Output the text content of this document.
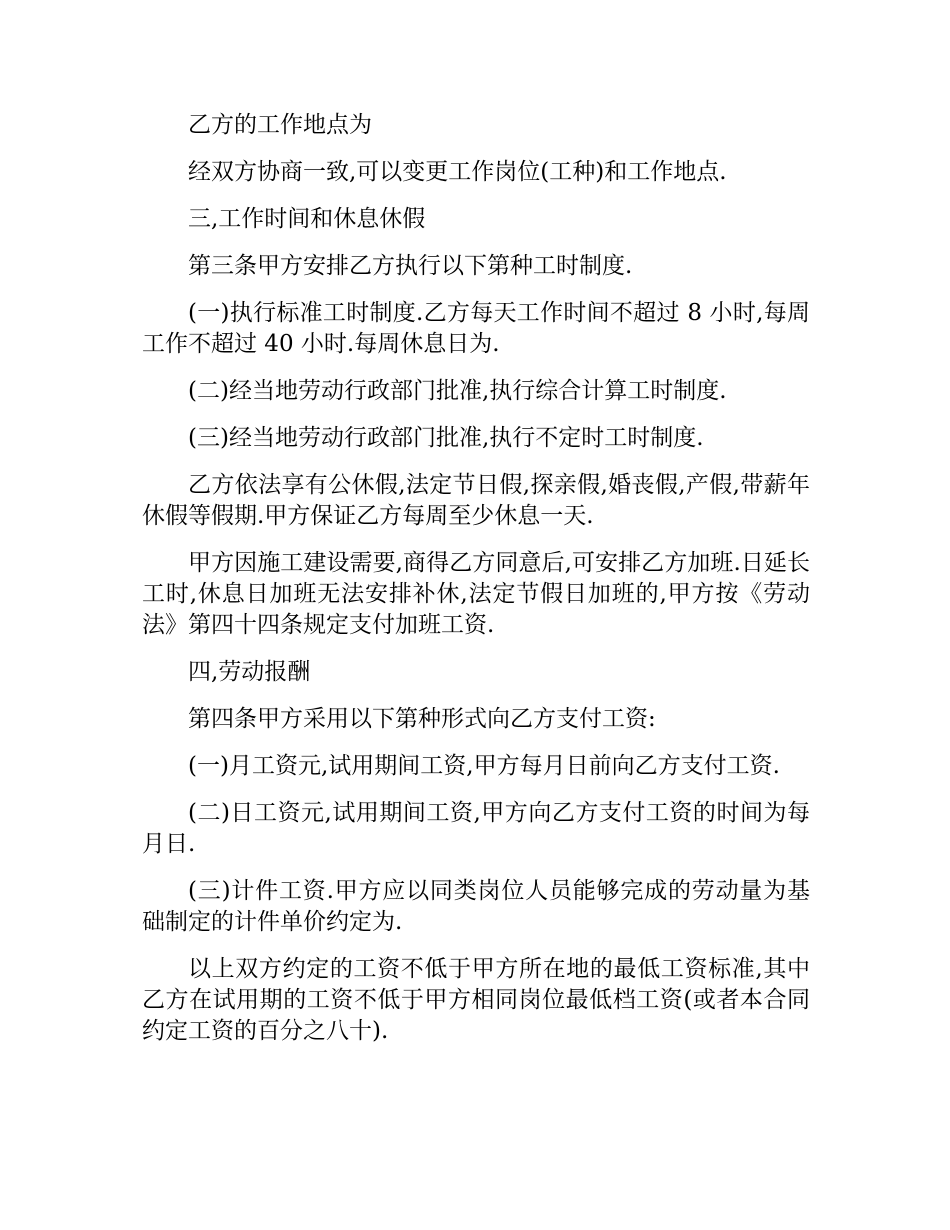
乙方的工作地点为

经双方协商一致,可以变更工作岗位(工种)和工作地点.

三,工作时间和休息休假

第三条甲方安排乙方执行以下第种工时制度.

(一)执行标准工时制度.乙方每天工作时间不超过 8 小时,每周工作不超过 40 小时.每周休息日为.

(二)经当地劳动行政部门批准,执行综合计算工时制度.

(三)经当地劳动行政部门批准,执行不定时工时制度.

乙方依法享有公休假,法定节日假,探亲假,婚丧假,产假,带薪年休假等假期.甲方保证乙方每周至少休息一天.

甲方因施工建设需要,商得乙方同意后,可安排乙方加班.日延长工时,休息日加班无法安排补休,法定节假日加班的,甲方按《劳动法》第四十四条规定支付加班工资.

四,劳动报酬

第四条甲方采用以下第种形式向乙方支付工资:

(一)月工资元,试用期间工资,甲方每月日前向乙方支付工资.

(二)日工资元,试用期间工资,甲方向乙方支付工资的时间为每月日.

(三)计件工资.甲方应以同类岗位人员能够完成的劳动量为基础制定的计件单价约定为.

以上双方约定的工资不低于甲方所在地的最低工资标准,其中乙方在试用期的工资不低于甲方相同岗位最低档工资(或者本合同约定工资的百分之八十).
